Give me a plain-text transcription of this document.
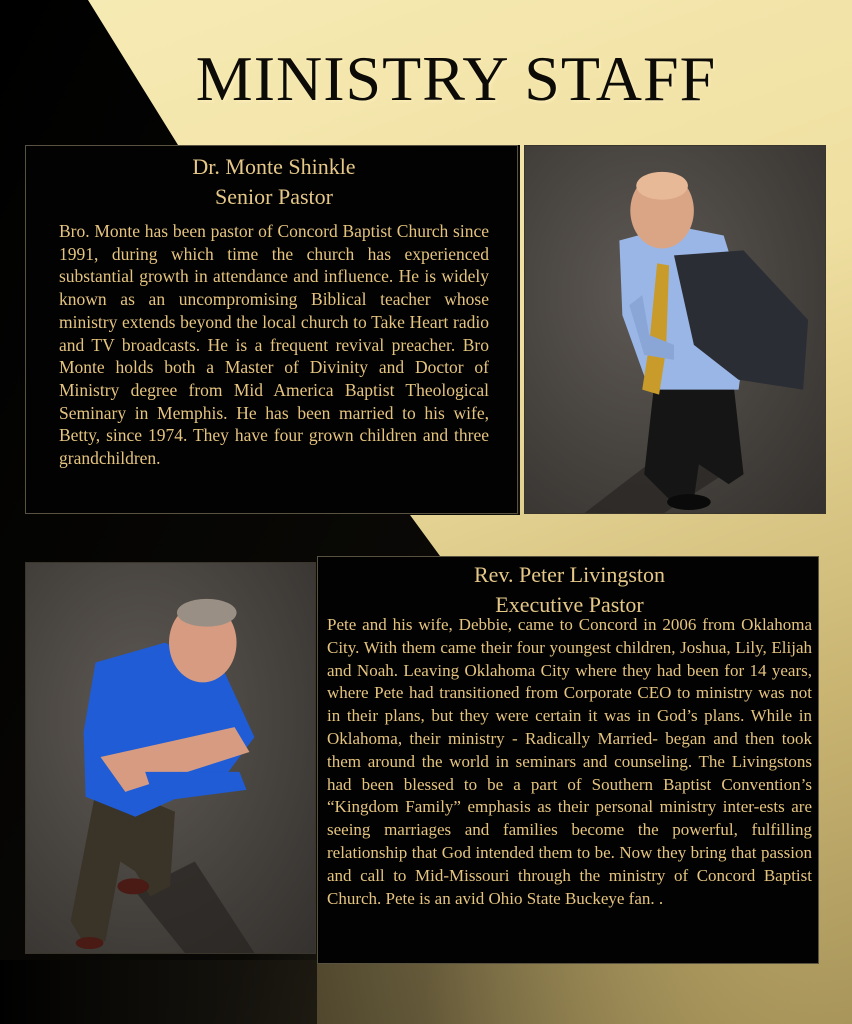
MINISTRY STAFF
Dr. Monte Shinkle
Senior Pastor
Bro. Monte has been pastor of Concord Baptist Church since 1991, during which time the church has experienced substantial growth in attendance and influence. He is widely known as an uncompromising Biblical teacher whose ministry extends beyond the local church to Take Heart radio and TV broadcasts. He is a frequent revival preacher. Bro Monte holds both a Master of Divinity and Doctor of Ministry degree from Mid America Baptist Theological Seminary in Memphis. He has been married to his wife, Betty, since 1974. They have four grown children and three grandchildren.
Rev. Peter Livingston
Executive Pastor
Pete and his wife, Debbie, came to Concord in 2006 from Oklahoma City. With them came their four youngest children, Joshua, Lily, Elijah and Noah. Leaving Oklahoma City where they had been for 14 years, where Pete had transitioned from Corporate CEO to ministry was not in their plans, but they were certain it was in God’s plans. While in Oklahoma, their ministry - Radically Married- began and then took them around the world in seminars and counseling. The Livingstons had been blessed to be a part of Southern Baptist Convention’s “Kingdom Family” emphasis as their personal ministry inter-ests are seeing marriages and families become the powerful, fulfilling relationship that God intended them to be. Now they bring that passion and call to Mid-Missouri through the ministry of Concord Baptist Church. Pete is an avid Ohio State Buckeye fan. .
